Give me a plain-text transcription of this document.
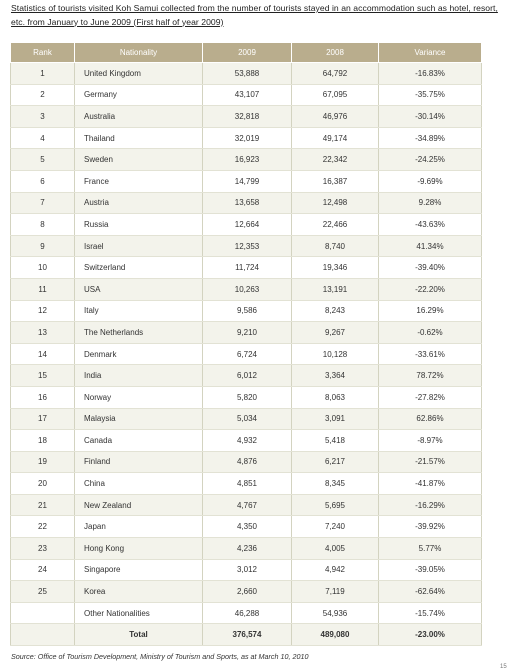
Statistics of tourists visited Koh Samui collected from the number of tourists stayed in an accommodation such as hotel, resort, etc. from January to June 2009 (First half of year 2009)
Rank	Nationality	2009	2008	Variance
1	United Kingdom	53,888	64,792	-16.83%
2	Germany	43,107	67,095	-35.75%
3	Australia	32,818	46,976	-30.14%
4	Thailand	32,019	49,174	-34.89%
5	Sweden	16,923	22,342	-24.25%
6	France	14,799	16,387	-9.69%
7	Austria	13,658	12,498	9.28%
8	Russia	12,664	22,466	-43.63%
9	Israel	12,353	8,740	41.34%
10	Switzerland	11,724	19,346	-39.40%
11	USA	10,263	13,191	-22.20%
12	Italy	9,586	8,243	16.29%
13	The Netherlands	9,210	9,267	-0.62%
14	Denmark	6,724	10,128	-33.61%
15	India	6,012	3,364	78.72%
16	Norway	5,820	8,063	-27.82%
17	Malaysia	5,034	3,091	62.86%
18	Canada	4,932	5,418	-8.97%
19	Finland	4,876	6,217	-21.57%
20	China	4,851	8,345	-41.87%
21	New Zealand	4,767	5,695	-16.29%
22	Japan	4,350	7,240	-39.92%
23	Hong Kong	4,236	4,005	5.77%
24	Singapore	3,012	4,942	-39.05%
25	Korea	2,660	7,119	-62.64%
	Other Nationalities	46,288	54,936	-15.74%
	Total	376,574	489,080	-23.00%
Source: Office of Tourism Development, Ministry of Tourism and Sports, as at March 10, 2010
15
